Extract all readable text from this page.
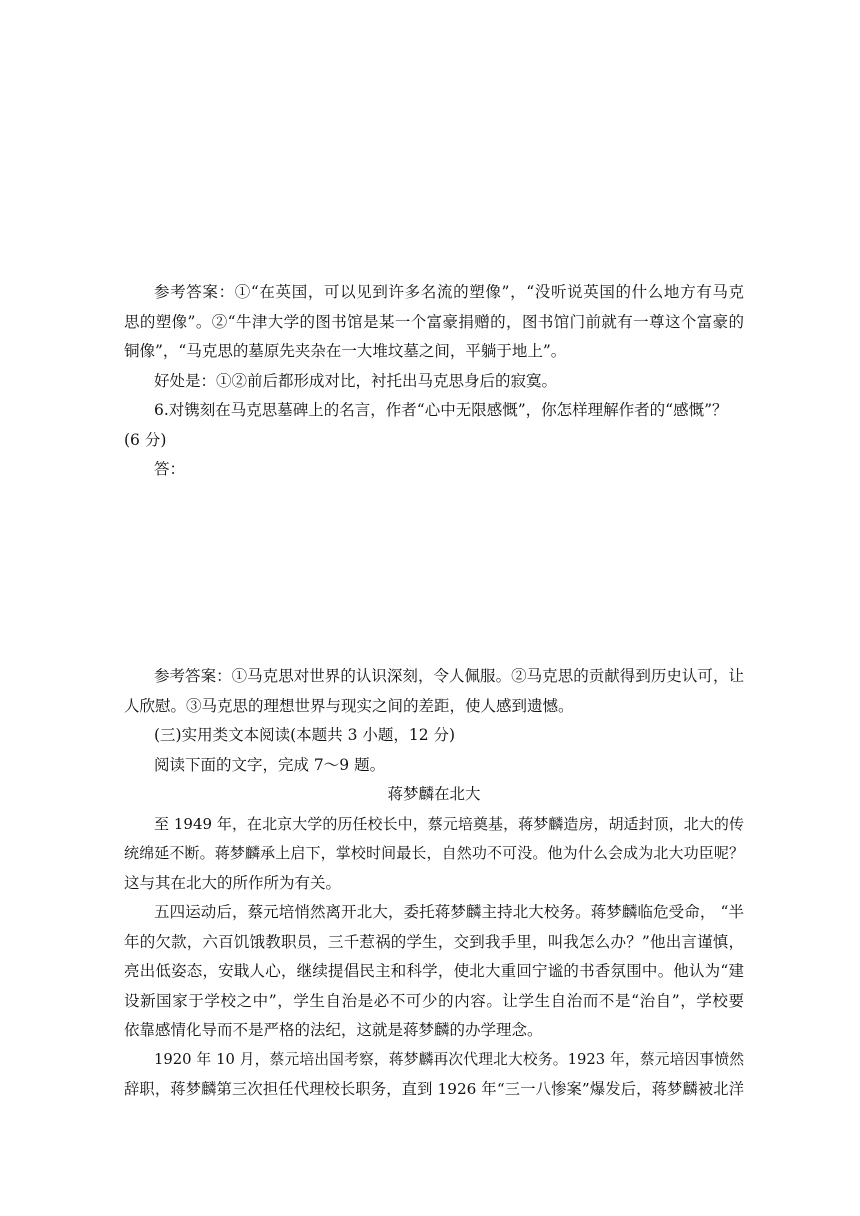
参考答案：①“在英国，可以见到许多名流的塑像”，“没听说英国的什么地方有马克
思的塑像”。②“牛津大学的图书馆是某一个富豪捐赠的，图书馆门前就有一尊这个富豪的
铜像”，“马克思的墓原先夹杂在一大堆坟墓之间，平躺于地上”。
好处是：①②前后都形成对比，衬托出马克思身后的寂寞。
6.对镌刻在马克思墓碑上的名言，作者“心中无限感慨”，你怎样理解作者的“感慨”？
(6 分)
答：
参考答案：①马克思对世界的认识深刻，令人佩服。②马克思的贡献得到历史认可，让
人欣慰。③马克思的理想世界与现实之间的差距，使人感到遗憾。
(三)实用类文本阅读(本题共 3 小题，12 分)
阅读下面的文字，完成 7～9 题。
蒋梦麟在北大
至 1949 年，在北京大学的历任校长中，蔡元培奠基，蒋梦麟造房，胡适封顶，北大的传
统绵延不断。蒋梦麟承上启下，掌校时间最长，自然功不可没。他为什么会成为北大功臣呢？
这与其在北大的所作所为有关。
五四运动后，蔡元培悄然离开北大，委托蒋梦麟主持北大校务。蒋梦麟临危受命， “半
年的欠款，六百饥饿教职员，三千惹祸的学生，交到我手里，叫我怎么办？”他出言谨慎，
亮出低姿态，安戢人心，继续提倡民主和科学，使北大重回宁谧的书香氛围中。他认为“建
设新国家于学校之中”，学生自治是必不可少的内容。让学生自治而不是“治自”，学校要
依靠感情化导而不是严格的法纪，这就是蒋梦麟的办学理念。
1920 年 10 月，蔡元培出国考察，蒋梦麟再次代理北大校务。1923 年，蔡元培因事愤然
辞职，蒋梦麟第三次担任代理校长职务，直到 1926 年“三一八惨案”爆发后，蒋梦麟被北洋
